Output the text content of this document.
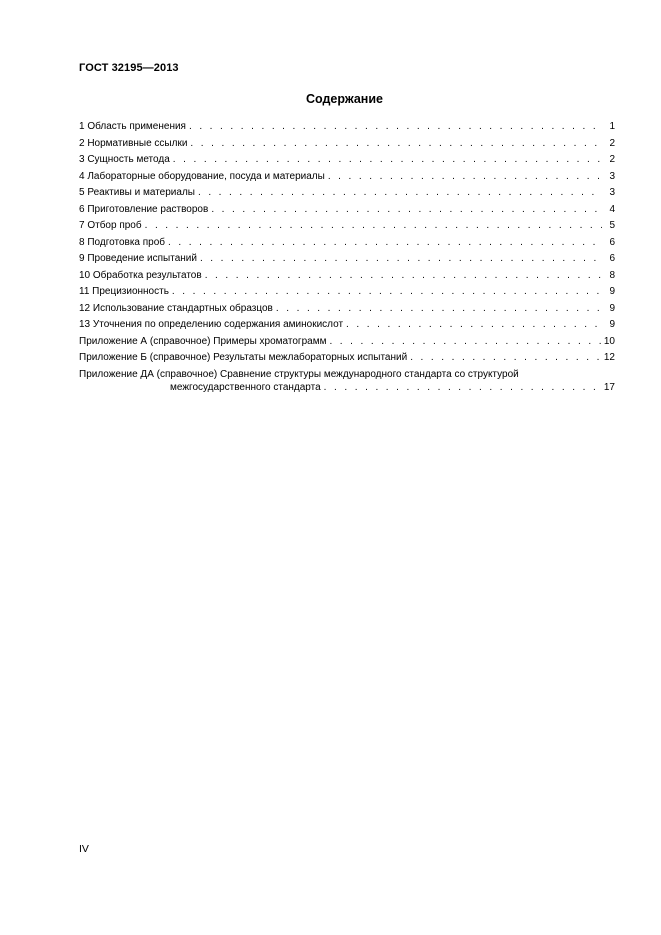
ГОСТ 32195—2013
Содержание
1 Область применения . . .	1
2 Нормативные ссылки . . .	2
3 Сущность метода . . .	2
4 Лабораторные оборудование, посуда и материалы . . .	3
5 Реактивы и материалы . . .	3
6 Приготовление растворов . . .	4
7 Отбор проб . . .	5
8 Подготовка проб . . .	6
9 Проведение испытаний . . .	6
10 Обработка результатов . . .	8
11 Прецизионность . . .	9
12 Использование стандартных образцов . . .	9
13 Уточнения по определению содержания аминокислот . . .	9
Приложение А (справочное) Примеры хроматограмм . . .	10
Приложение Б (справочное) Результаты межлабораторных испытаний . . .	12
Приложение ДА (справочное) Сравнение структуры международного стандарта со структурой
межгосударственного стандарта . . .	17
IV
